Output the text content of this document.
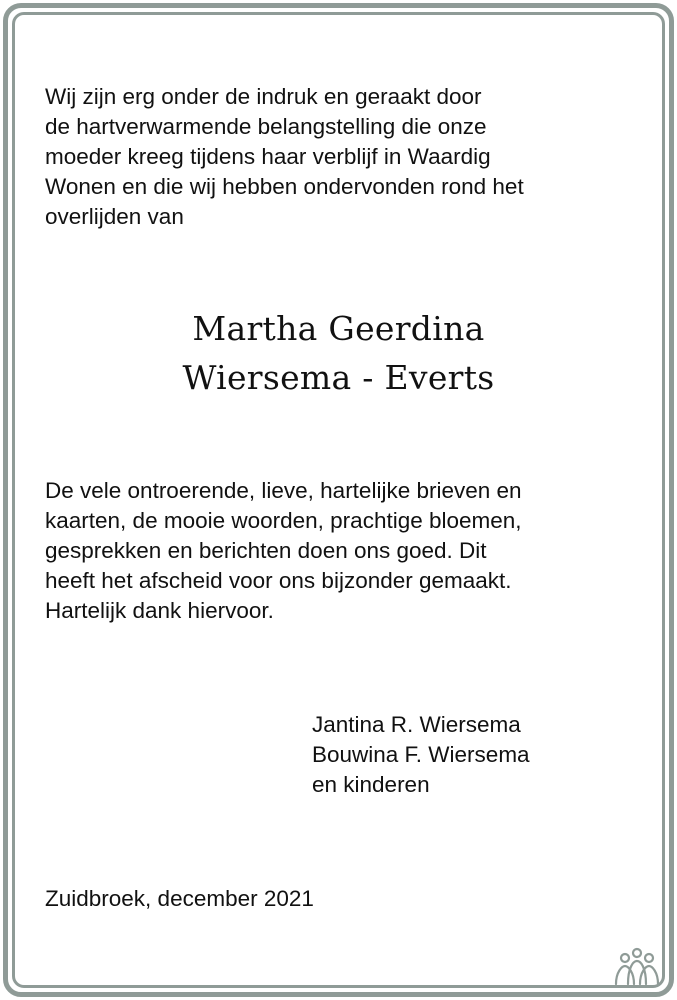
Wij zijn erg onder de indruk en geraakt door
de hartverwarmende belangstelling die onze
moeder kreeg tijdens haar verblijf in Waardig
Wonen en die wij hebben ondervonden rond het
overlijden van
Martha Geerdina
Wiersema - Everts
De vele ontroerende, lieve, hartelijke brieven en
kaarten, de mooie woorden, prachtige bloemen,
gesprekken en berichten doen ons goed. Dit
heeft het afscheid voor ons bijzonder gemaakt.
Hartelijk dank hiervoor.
Jantina R. Wiersema
Bouwina F. Wiersema
en kinderen
Zuidbroek, december 2021
